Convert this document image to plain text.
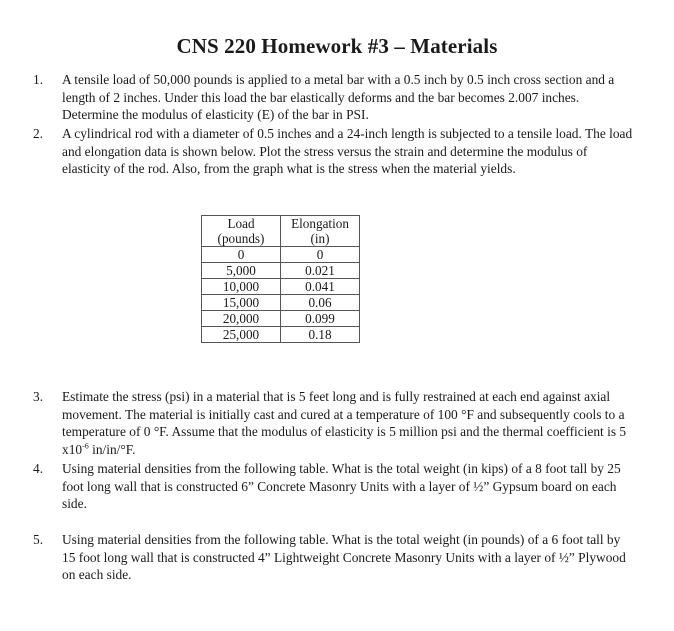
CNS 220 Homework #3 – Materials
1.	A tensile load of 50,000 pounds is applied to a metal bar with a 0.5 inch by 0.5 inch cross section and a length of 2 inches. Under this load the bar elastically deforms and the bar becomes 2.007 inches. Determine the modulus of elasticity (E) of the bar in PSI.
2.	A cylindrical rod with a diameter of 0.5 inches and a 24-inch length is subjected to a tensile load. The load and elongation data is shown below. Plot the stress versus the strain and determine the modulus of elasticity of the rod. Also, from the graph what is the stress when the material yields.
Load (pounds)	Elongation (in)
0	0
5,000	0.021
10,000	0.041
15,000	0.06
20,000	0.099
25,000	0.18
3.	Estimate the stress (psi) in a material that is 5 feet long and is fully restrained at each end against axial movement. The material is initially cast and cured at a temperature of 100 °F and subsequently cools to a temperature of 0 °F. Assume that the modulus of elasticity is 5 million psi and the thermal coefficient is 5 $x10^{-6}$ in/in/°F.
4.	Using material densities from the following table. What is the total weight (in kips) of a 8 foot tall by 25 foot long wall that is constructed 6” Concrete Masonry Units with a layer of ½” Gypsum board on each side.
5.	Using material densities from the following table. What is the total weight (in pounds) of a 6 foot tall by 15 foot long wall that is constructed 4” Lightweight Concrete Masonry Units with a layer of ½” Plywood on each side.
